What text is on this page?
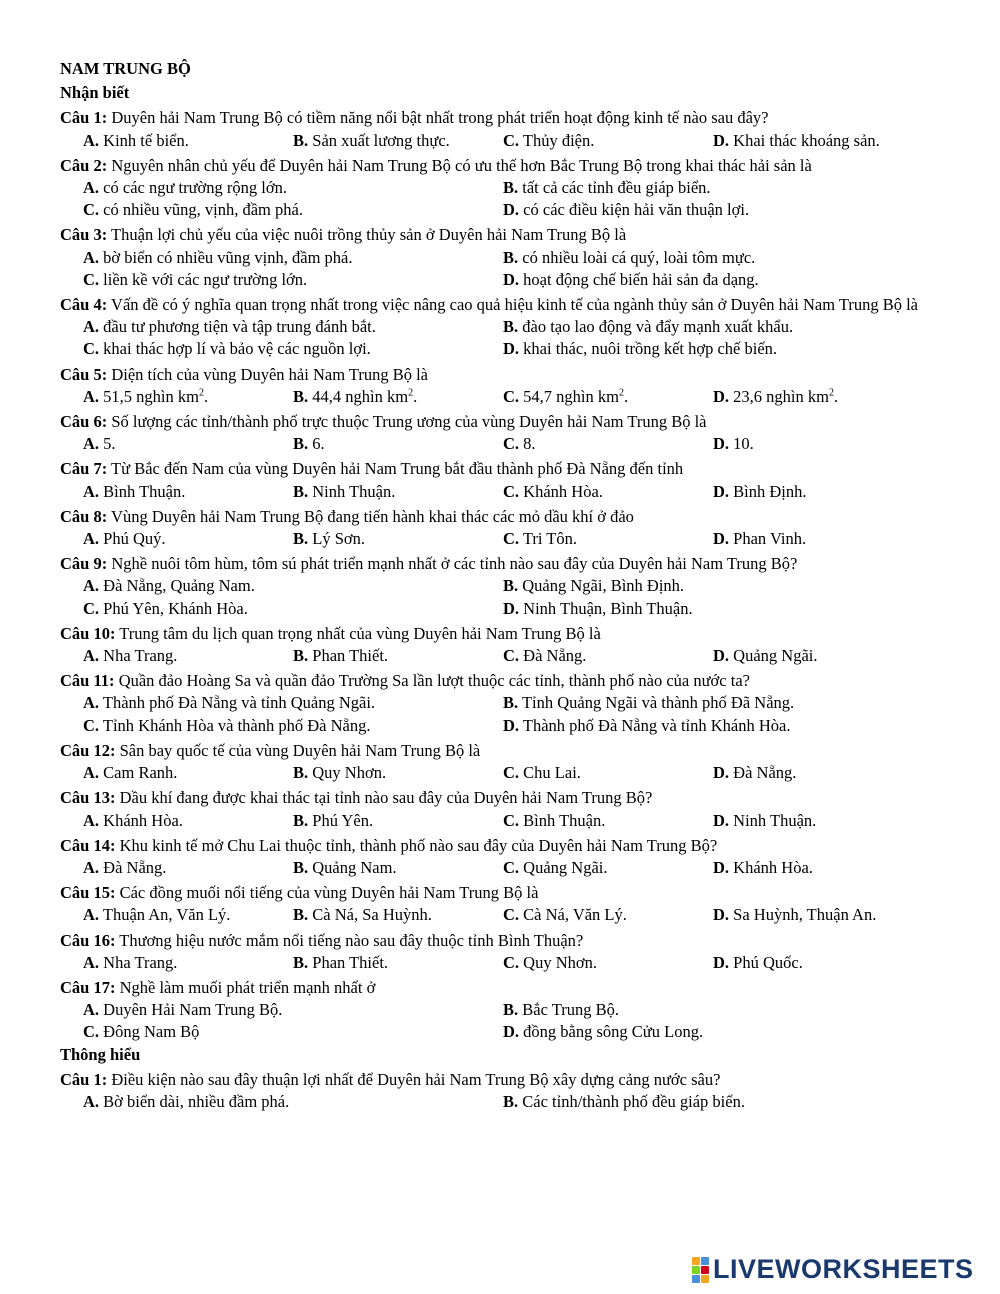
NAM TRUNG BỘ
Nhận biết
Câu 1: Duyên hải Nam Trung Bộ có tiềm năng nổi bật nhất trong phát triển hoạt động kinh tế nào sau đây?
A. Kinh tế biển.	B. Sản xuất lương thực.	C. Thủy điện.	D. Khai thác khoáng sản.
Câu 2: Nguyên nhân chủ yếu để Duyên hải Nam Trung Bộ có ưu thế hơn Bắc Trung Bộ trong khai thác hải sản là
A. có các ngư trường rộng lớn.	B. tất cả các tỉnh đều giáp biển.
C. có nhiều vũng, vịnh, đầm phá.	D. có các điều kiện hải văn thuận lợi.
Câu 3: Thuận lợi chủ yếu của việc nuôi trồng thủy sản ở Duyên hải Nam Trung Bộ là
A. bờ biển có nhiều vũng vịnh, đầm phá.	B. có nhiều loài cá quý, loài tôm mực.
C. liền kề với các ngư trường lớn.	D. hoạt động chế biến hải sản đa dạng.
Câu 4: Vấn đề có ý nghĩa quan trọng nhất trong việc nâng cao quả hiệu kinh tế của ngành thủy sản ở Duyên hải Nam Trung Bộ là
A. đầu tư phương tiện và tập trung đánh bắt.	B. đào tạo lao động và đẩy mạnh xuất khẩu.
C. khai thác hợp lí và bảo vệ các nguồn lợi.	D. khai thác, nuôi trồng kết hợp chế biến.
Câu 5: Diện tích của vùng Duyên hải Nam Trung Bộ là
A. 51,5 nghìn $km^2$.	B. 44,4 nghìn $km^2$.	C. 54,7 nghìn $km^2$.	D. 23,6 nghìn $km^2$.
Câu 6: Số lượng các tỉnh/thành phố trực thuộc Trung ương của vùng Duyên hải Nam Trung Bộ là
A. 5.	B. 6.	C. 8.	D. 10.
Câu 7: Từ Bắc đến Nam của vùng Duyên hải Nam Trung bắt đầu thành phố Đà Nẵng đến tỉnh
A. Bình Thuận.	B. Ninh Thuận.	C. Khánh Hòa.	D. Bình Định.
Câu 8: Vùng Duyên hải Nam Trung Bộ đang tiến hành khai thác các mỏ dầu khí ở đảo
A. Phú Quý.	B. Lý Sơn.	C. Tri Tôn.	D. Phan Vinh.
Câu 9: Nghề nuôi tôm hùm, tôm sú phát triển mạnh nhất ở các tỉnh nào sau đây của Duyên hải Nam Trung Bộ?
A. Đà Nẵng, Quảng Nam.	B. Quảng Ngãi, Bình Định.
C. Phú Yên, Khánh Hòa.	D. Ninh Thuận, Bình Thuận.
Câu 10: Trung tâm du lịch quan trọng nhất của vùng Duyên hải Nam Trung Bộ là
A. Nha Trang.	B. Phan Thiết.	C. Đà Nẵng.	D. Quảng Ngãi.
Câu 11: Quần đảo Hoàng Sa và quần đảo Trường Sa lần lượt thuộc các tỉnh, thành phố nào của nước ta?
A. Thành phố Đà Nẵng và tỉnh Quảng Ngãi.	B. Tỉnh Quảng Ngãi và thành phố Đã Nẵng.
C. Tỉnh Khánh Hòa và thành phố Đà Nẵng.	D. Thành phố Đà Nẵng và tỉnh Khánh Hòa.
Câu 12: Sân bay quốc tế của vùng Duyên hải Nam Trung Bộ là
A. Cam Ranh.	B. Quy Nhơn.	C. Chu Lai.	D. Đà Nẵng.
Câu 13: Dầu khí đang được khai thác tại tỉnh nào sau đây của Duyên hải Nam Trung Bộ?
A. Khánh Hòa.	B. Phú Yên.	C. Bình Thuận.	D. Ninh Thuận.
Câu 14: Khu kinh tế mở Chu Lai thuộc tỉnh, thành phố nào sau đây của Duyên hải Nam Trung Bộ?
A. Đà Nẵng.	B. Quảng Nam.	C. Quảng Ngãi.	D. Khánh Hòa.
Câu 15: Các đồng muối nổi tiếng của vùng Duyên hải Nam Trung Bộ là
A. Thuận An, Văn Lý.	B. Cà Ná, Sa Huỳnh.	C. Cà Ná, Văn Lý.	D. Sa Huỳnh, Thuận An.
Câu 16: Thương hiệu nước mắm nổi tiếng nào sau đây thuộc tỉnh Bình Thuận?
A. Nha Trang.	B. Phan Thiết.	C. Quy Nhơn.	D. Phú Quốc.
Câu 17: Nghề làm muối phát triển mạnh nhất ở
A. Duyên Hải Nam Trung Bộ.	B. Bắc Trung Bộ.
C. Đông Nam Bộ	D. đồng bằng sông Cửu Long.
Thông hiểu
Câu 1: Điều kiện nào sau đây thuận lợi nhất để Duyên hải Nam Trung Bộ xây dựng cảng nước sâu?
A. Bờ biển dài, nhiều đầm phá.	B. Các tỉnh/thành phố đều giáp biển.
LIVEWORKSHEETS
